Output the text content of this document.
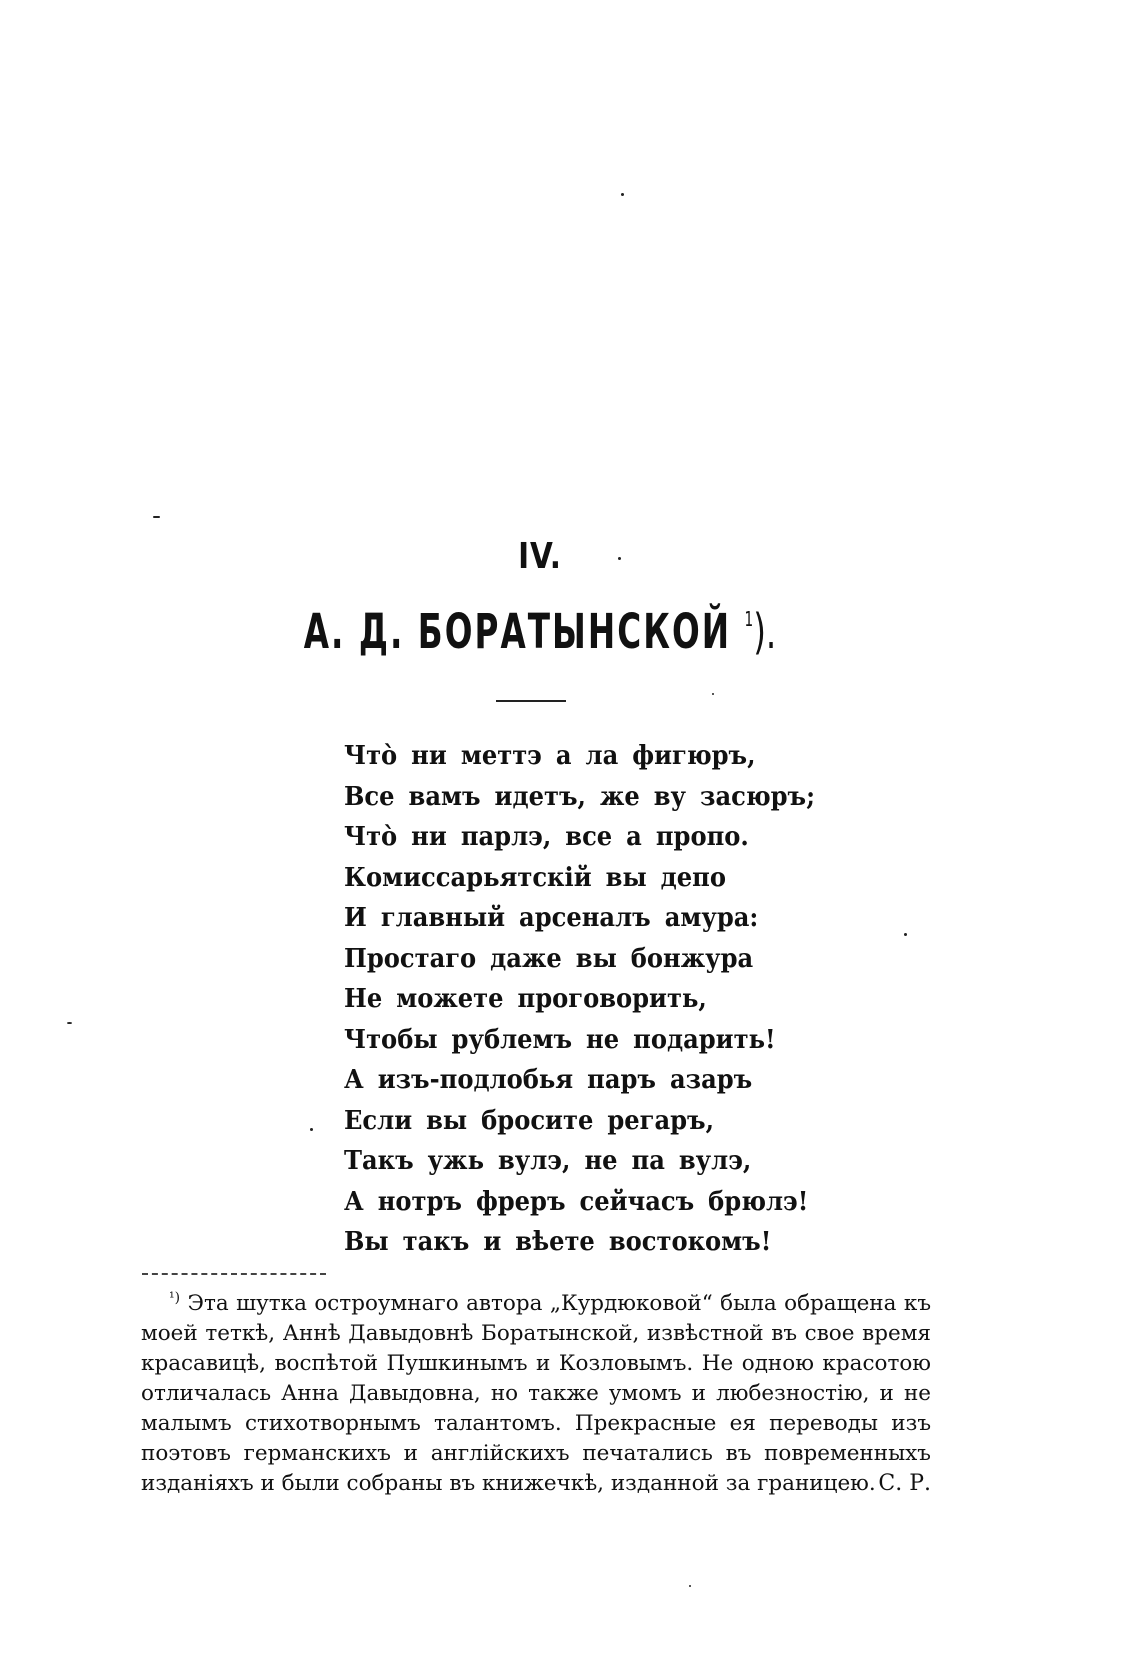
IV.
А. Д. БОРАТЫНСКОЙ $^1$).
Чтò ни меттэ а ла фигюръ,
Все вамъ идетъ, же ву засюръ;
Чтò ни парлэ, все а пропо.
Комиссарьятскій вы депо
И главный арсеналъ амура:
Простаго даже вы бонжура
Не можете проговорить,
Чтобы рублемъ не подарить!
А изъ-подлобья паръ азаръ
Если вы бросите регаръ,
Такъ ужь вулэ, не па вулэ,
А нотръ фреръ сейчасъ брюлэ!
Вы такъ и вѣете востокомъ!

$^{^1)}$ Эта шутка остроумнаго автора „Курдюковой“ была обращена къ моей теткѣ, Аннѣ Давыдовнѣ Боратынской, извѣстной въ свое время красавицѣ, воспѣтой Пушкинымъ и Козловымъ. Не одною красотою отличалась Анна Давыдовна, но также умомъ и любезностію, и не малымъ стихотворнымъ талантомъ. Прекрасные ея переводы изъ поэтовъ германскихъ и англійскихъ печатались въ повременныхъ изданіяхъ и были собраны въ книжечкѣ, изданной за границею. С. Р.
